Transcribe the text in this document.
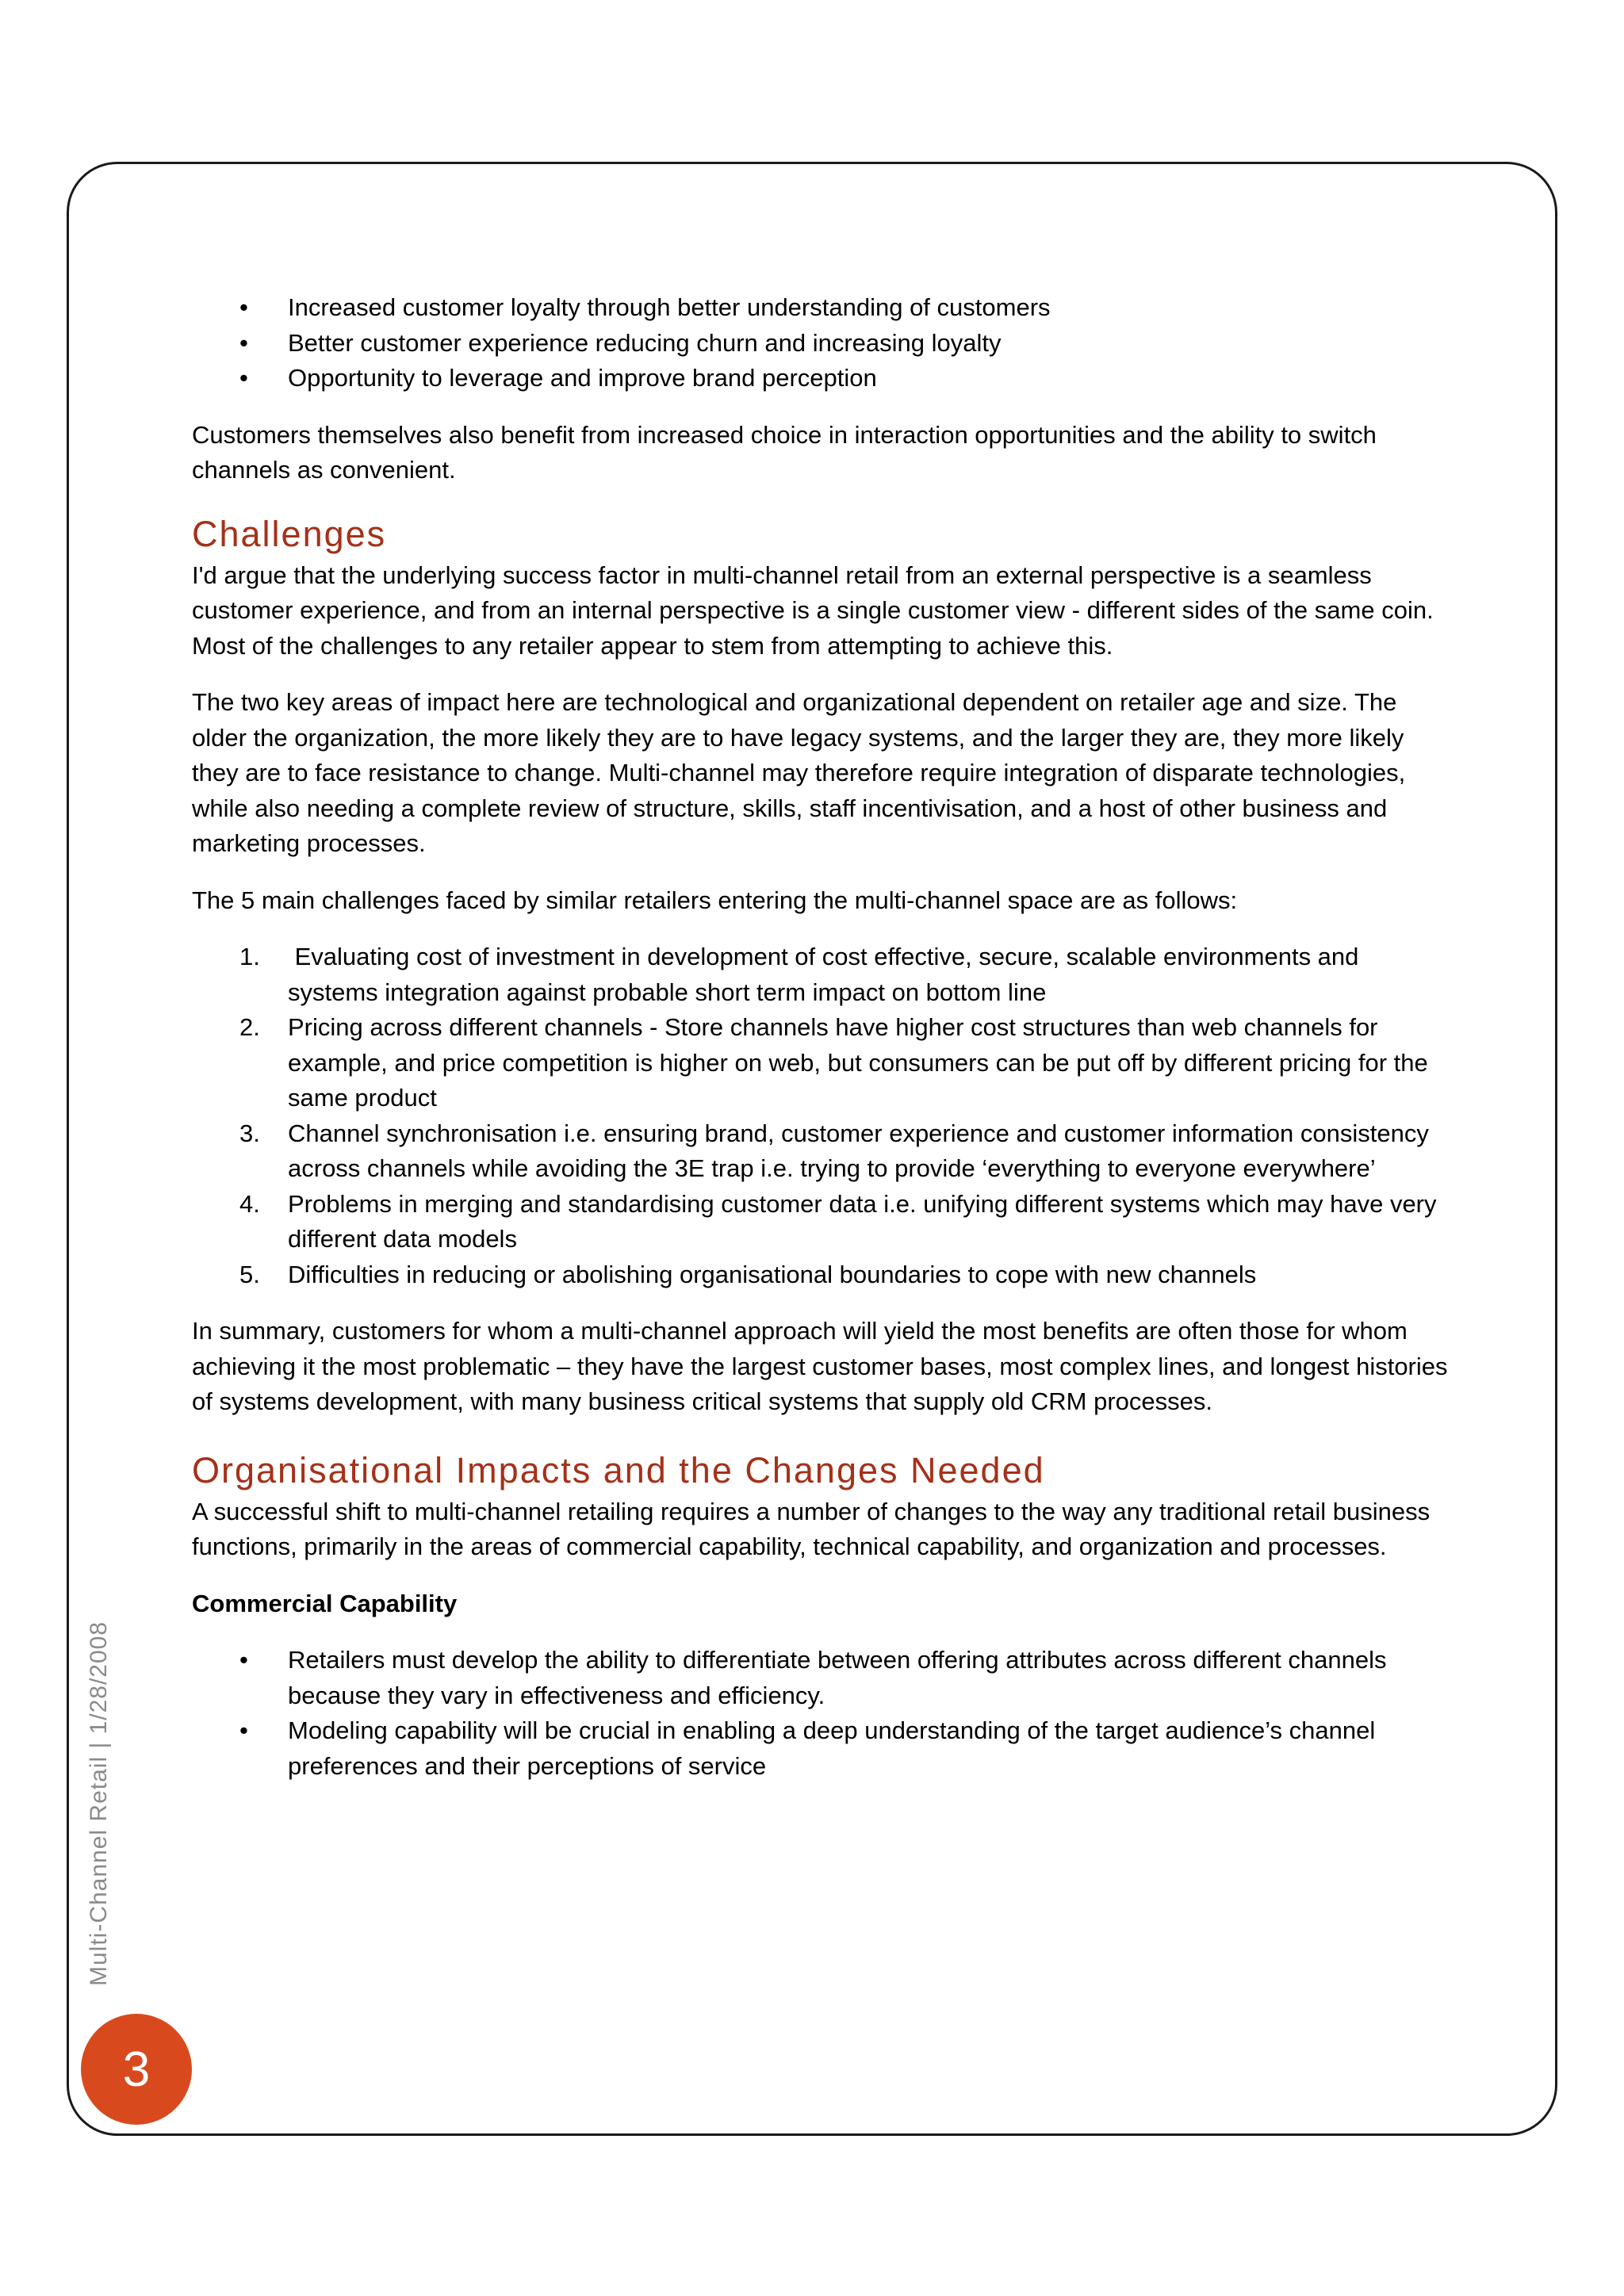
• Increased customer loyalty through better understanding of customers
• Better customer experience reducing churn and increasing loyalty
• Opportunity to leverage and improve brand perception

Customers themselves also benefit from increased choice in interaction opportunities and the ability to switch channels as convenient.

Challenges

I'd argue that the underlying success factor in multi-channel retail from an external perspective is a seamless customer experience, and from an internal perspective is a single customer view - different sides of the same coin. Most of the challenges to any retailer appear to stem from attempting to achieve this.

The two key areas of impact here are technological and organizational dependent on retailer age and size. The older the organization, the more likely they are to have legacy systems, and the larger they are, they more likely they are to face resistance to change. Multi-channel may therefore require integration of disparate technologies, while also needing a complete review of structure, skills, staff incentivisation, and a host of other business and marketing processes.

The 5 main challenges faced by similar retailers entering the multi-channel space are as follows:

1. Evaluating cost of investment in development of cost effective, secure, scalable environments and systems integration against probable short term impact on bottom line
2. Pricing across different channels - Store channels have higher cost structures than web channels for example, and price competition is higher on web, but consumers can be put off by different pricing for the same product
3. Channel synchronisation i.e. ensuring brand, customer experience and customer information consistency across channels while avoiding the 3E trap i.e. trying to provide ‘everything to everyone everywhere’
4. Problems in merging and standardising customer data i.e. unifying different systems which may have very different data models
5. Difficulties in reducing or abolishing organisational boundaries to cope with new channels

In summary, customers for whom a multi-channel approach will yield the most benefits are often those for whom achieving it the most problematic – they have the largest customer bases, most complex lines, and longest histories of systems development, with many business critical systems that supply old CRM processes.

Organisational Impacts and the Changes Needed

A successful shift to multi-channel retailing requires a number of changes to the way any traditional retail business functions, primarily in the areas of commercial capability, technical capability, and organization and processes.

Commercial Capability

• Retailers must develop the ability to differentiate between offering attributes across different channels because they vary in effectiveness and efficiency.
• Modeling capability will be crucial in enabling a deep understanding of the target audience’s channel preferences and their perceptions of service
Multi-Channel Retail | 1/28/2008
3
